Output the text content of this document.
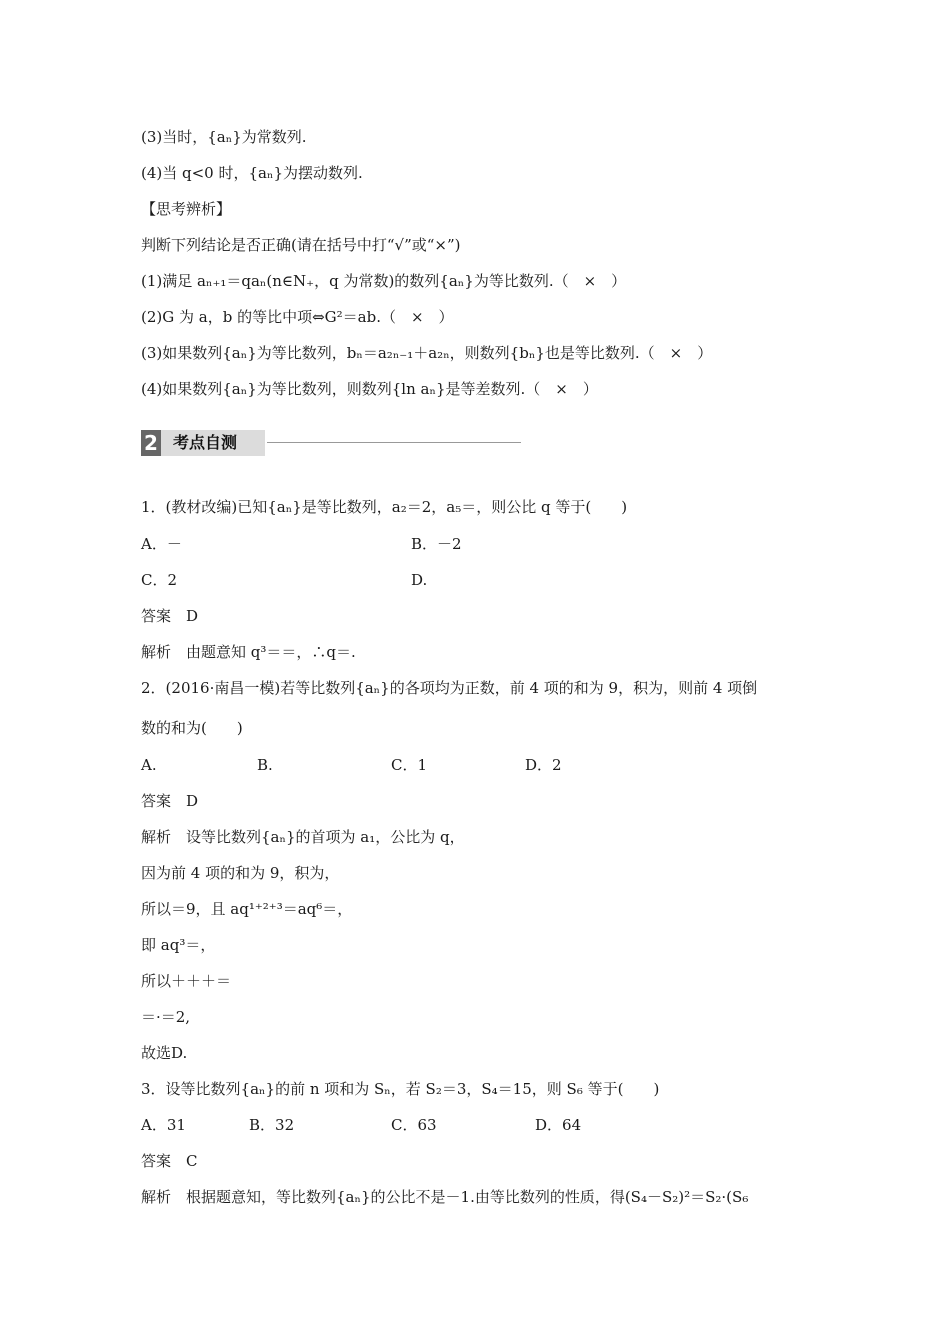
(3)当时，{aₙ}为常数列.
(4)当 q<0 时，{aₙ}为摆动数列.
【思考辨析】
判断下列结论是否正确(请在括号中打“√”或“×”)
(1)满足 aₙ₊₁＝qaₙ(n∈N₊，q 为常数)的数列{aₙ}为等比数列.（　×　）
(2)G 为 a，b 的等比中项⇔G²＝ab.（　×　）
(3)如果数列{aₙ}为等比数列，bₙ＝a₂ₙ₋₁＋a₂ₙ，则数列{bₙ}也是等比数列.（　×　）
(4)如果数列{aₙ}为等比数列，则数列{ln aₙ}是等差数列.（　×　）
2 考点自测
1．(教材改编)已知{aₙ}是等比数列，a₂＝2，a₅＝，则公比 q 等于(　　)
A．－	B．－2
C．2	D.
答案　D
解析　由题意知 q³＝＝，∴q＝.
2．(2016·南昌一模)若等比数列{aₙ}的各项均为正数，前 4 项的和为 9，积为，则前 4 项倒
数的和为(　　)
A.	B.	C．1	D．2
答案　D
解析　设等比数列{aₙ}的首项为 a₁，公比为 q，
因为前 4 项的和为 9，积为，
所以＝9，且 aq¹⁺²⁺³＝aq⁶＝，
即 aq³＝，
所以＋＋＋＝
＝·＝2,
故选D.
3．设等比数列{aₙ}的前 n 项和为 Sₙ，若 S₂＝3，S₄＝15，则 S₆ 等于(　　)
A．31	B．32	C．63	D．64
答案　C
解析　根据题意知，等比数列{aₙ}的公比不是－1.由等比数列的性质，得(S₄－S₂)²＝S₂·(S₆
